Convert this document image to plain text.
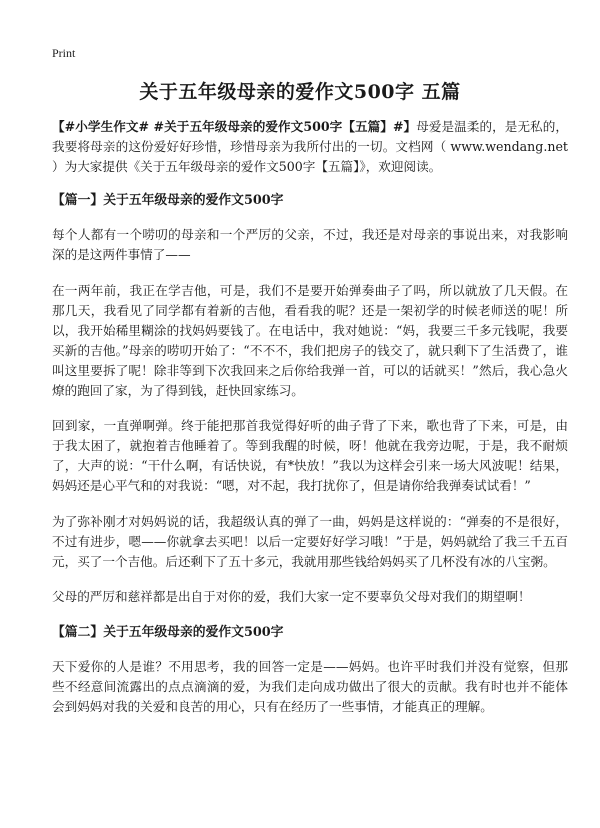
Print
关于五年级母亲的爱作文500字 五篇

【#小学生作文# #关于五年级母亲的爱作文500字【五篇】#】母爱是温柔的，是无私的，我要将母亲的这份爱好好珍惜，珍惜母亲为我所付出的一切。文档网（ www.wendang.net ）为大家提供《关于五年级母亲的爱作文500字【五篇】》，欢迎阅读。

【篇一】关于五年级母亲的爱作文500字

每个人都有一个唠叨的母亲和一个严厉的父亲，不过，我还是对母亲的事说出来，对我影响深的是这两件事情了——

在一两年前，我正在学吉他，可是，我们不是要开始弹奏曲子了吗，所以就放了几天假。在那几天，我看见了同学都有着新的吉他，看看我的呢？还是一架初学的时候老师送的呢！所以，我开始稀里糊涂的找妈妈要钱了。在电话中，我对她说：“妈，我要三千多元钱呢，我要买新的吉他。”母亲的唠叨开始了：“不不不，我们把房子的钱交了，就只剩下了生活费了，谁叫这里要拆了呢！除非等到下次我回来之后你给我弹一首，可以的话就买！”然后，我心急火燎的跑回了家，为了得到钱，赶快回家练习。

回到家，一直弹啊弹。终于能把那首我觉得好听的曲子背了下来，歌也背了下来，可是，由于我太困了，就抱着吉他睡着了。等到我醒的时候，呀！他就在我旁边呢，于是，我不耐烦了，大声的说：“干什么啊，有话快说，有*快放！”我以为这样会引来一场大风波呢！结果，妈妈还是心平气和的对我说：“嗯，对不起，我打扰你了，但是请你给我弹奏试试看！”

为了弥补刚才对妈妈说的话，我超级认真的弹了一曲，妈妈是这样说的：“弹奏的不是很好，不过有进步，嗯——你就拿去买吧！以后一定要好好学习哦！”于是，妈妈就给了我三千五百元，买了一个吉他。后还剩下了五十多元，我就用那些钱给妈妈买了几杯没有冰的八宝粥。

父母的严厉和慈祥都是出自于对你的爱，我们大家一定不要辜负父母对我们的期望啊！

【篇二】关于五年级母亲的爱作文500字

天下爱你的人是谁？不用思考，我的回答一定是——妈妈。也许平时我们并没有觉察，但那些不经意间流露出的点点滴滴的爱，为我们走向成功做出了很大的贡献。我有时也并不能体会到妈妈对我的关爱和良苦的用心，只有在经历了一些事情，才能真正的理解。
